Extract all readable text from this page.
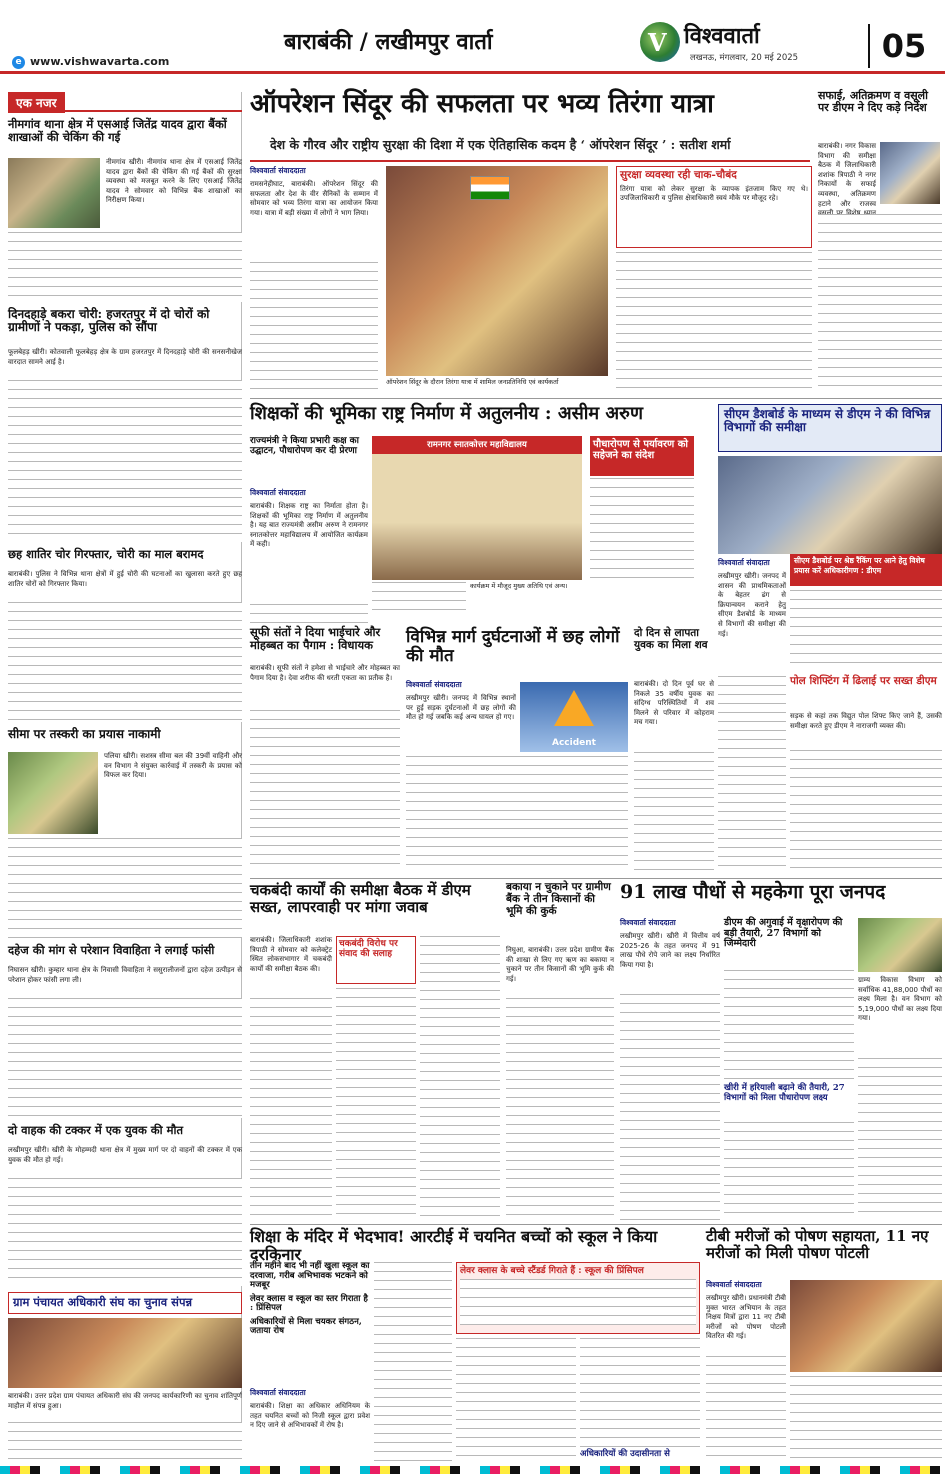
e www.vishwavarta.com
बाराबंकी / लखीमपुर वार्ता	V विश्ववार्ता
लखनऊ, मंगलवार, 20 मई 2025	05
एक नजर
नीमगांव थाना क्षेत्र में एसआई जितेंद्र यादव द्वारा बैंकों शाखाओं की चेकिंग की गई
नीमगांव खीरी। नीमगांव थाना क्षेत्र में एसआई जितेंद्र यादव द्वारा बैंकों की चेकिंग की गई बैंकों की सुरक्षा व्यवस्था को मजबूत करने के लिए एसआई जितेंद्र यादव ने सोमवार को विभिन्न बैंक शाखाओं का निरीक्षण किया।
दिनदहाड़े बकरा चोरी: हजरतपुर में दो चोरों को ग्रामीणों ने पकड़ा, पुलिस को सौंपा
फूलबेहड़ खीरी। कोतवाली फूलबेहड़ क्षेत्र के ग्राम हजरतपुर में दिनदहाड़े चोरी की सनसनीखेज वारदात सामने आई है।
छह शातिर चोर गिरफ्तार, चोरी का माल बरामद
बाराबंकी। पुलिस ने विभिन्न थाना क्षेत्रों में हुई चोरी की घटनाओं का खुलासा करते हुए छह शातिर चोरों को गिरफ्तार किया।
सीमा पर तस्करी का प्रयास नाकामी
पलिया खीरी। सशस्त्र सीमा बल की 39वीं वाहिनी और वन विभाग ने संयुक्त कार्रवाई में तस्करी के प्रयास को विफल कर दिया।
दहेज की मांग से परेशान विवाहिता ने लगाई फांसी
निघासन खीरी। कुम्हार थाना क्षेत्र के निवासी विवाहिता ने ससुरालीजनों द्वारा दहेज उत्पीड़न से परेशान होकर फांसी लगा ली।
दो वाहक की टक्कर में एक युवक की मौत
लखीमपुर खीरी। खीरी के मोहम्मदी थाना क्षेत्र में मुख्य मार्ग पर दो वाहनों की टक्कर में एक युवक की मौत हो गई।
ग्राम पंचायत अधिकारी संघ का चुनाव संपन्न
बाराबंकी। उत्तर प्रदेश ग्राम पंचायत अधिकारी संघ की जनपद कार्यकारिणी का चुनाव शांतिपूर्ण माहौल में संपन्न हुआ।
ऑपरेशन सिंदूर की सफलता पर भव्य तिरंगा यात्रा
देश के गौरव और राष्ट्रीय सुरक्षा की दिशा में एक ऐतिहासिक कदम है ‘ ऑपरेशन सिंदूर ’ : सतीश शर्मा
विश्ववार्ता संवाददाता
रामसनेहीघाट, बाराबंकी। ऑपरेशन सिंदूर की सफलता और देश के वीर सैनिकों के सम्मान में सोमवार को भव्य तिरंगा यात्रा का आयोजन किया गया। यात्रा में बड़ी संख्या में लोगों ने भाग लिया।
ऑपरेशन सिंदूर के दौरान तिरंगा यात्रा में शामिल जनप्रतिनिधि एवं कार्यकर्ता
सुरक्षा व्यवस्था रही चाक-चौबंद
तिरंगा यात्रा को लेकर सुरक्षा के व्यापक इंतजाम किए गए थे। उपजिलाधिकारी व पुलिस क्षेत्राधिकारी स्वयं मौके पर मौजूद रहे।
सफाई, अतिक्रमण व वसूली पर डीएम ने दिए कड़े निर्देश
बाराबंकी। नगर विकास विभाग की समीक्षा बैठक में जिलाधिकारी शशांक त्रिपाठी ने नगर निकायों के सफाई व्यवस्था, अतिक्रमण हटाने और राजस्व
शिक्षकों की भूमिका राष्ट्र निर्माण में अतुलनीय : असीम अरुण
राज्यमंत्री ने किया प्रभारी कक्ष का उद्घाटन, पौधारोपण कर दी प्रेरणा
रामनगर स्नातकोत्तर महाविद्यालय
कार्यक्रम में मौजूद मुख्य अतिथि एवं अन्य।
पौधारोपण से पर्यावरण को सहेजने का संदेश
विश्ववार्ता संवाददाता
बाराबंकी। शिक्षक राष्ट्र का निर्माता होता है। शिक्षकों की भूमिका राष्ट्र निर्माण में अतुलनीय है। यह बात राज्यमंत्री असीम अरुण ने रामनगर स्नातकोत्तर महाविद्यालय में आयोजित कार्यक्रम में कही।
सूफी संतों ने दिया भाईचारे और मोहब्बत का पैगाम : विधायक
बाराबंकी। सूफी संतों ने हमेशा से भाईचारे और मोहब्बत का पैगाम दिया है। देवा शरीफ की धरती एकता का प्रतीक है।
विभिन्न मार्ग दुर्घटनाओं में छह लोगों की मौत
विश्ववार्ता संवाददाता
लखीमपुर खीरी। जनपद में विभिन्न स्थानों पर हुई सड़क दुर्घटनाओं में छह लोगों की मौत हो गई जबकि कई अन्य घायल हो गए।
Accident
दो दिन से लापता युवक का मिला शव
बाराबंकी। दो दिन पूर्व घर से निकले 35 वर्षीय युवक का संदिग्ध परिस्थितियों में शव मिलने से परिवार में कोहराम मच गया।
सीएम डैशबोर्ड के माध्यम से डीएम ने की विभिन्न विभागों की समीक्षा
सीएम डैशबोर्ड पर श्रेष्ठ रैंकिंग पर आने हेतु विशेष प्रयास करें अधिकारीगण : डीएम
विश्ववार्ता संवादाता
लखीमपुर खीरी। जनपद में शासन की प्राथमिकताओं के बेहतर ढंग से क्रियान्वयन कराने हेतु सीएम डैशबोर्ड के माध्यम से विभागों की समीक्षा की गई।
पोल शिफ्टिंग में ढिलाई पर सख्त डीएम
सड़क से कहां तक विद्युत पोल शिफ्ट किए जाने हैं, उसकी समीक्षा करते हुए डीएम ने नाराजगी व्यक्त की।
चकबंदी कार्यों की समीक्षा बैठक में डीएम सख्त, लापरवाही पर मांगा जवाब
बाराबंकी। जिलाधिकारी शशांक त्रिपाठी ने सोमवार को कलेक्ट्रेट स्थित लोकसभागार में चकबंदी कार्यों की समीक्षा बैठक की।
चकबंदी विरोध पर संवाद की सलाह
बकाया न चुकाने पर ग्रामीण बैंक ने तीन किसानों की भूमि की कुर्क
निघुआ, बाराबंकी। उत्तर प्रदेश ग्रामीण बैंक की शाखा से लिए गए ऋण का बकाया न चुकाने पर तीन किसानों की भूमि कुर्क की गई।
91 लाख पौधों से महकेगा पूरा जनपद
विश्ववार्ता संवाददाता
लखीमपुर खीरी। खीरी में वित्तीय वर्ष 2025-26 के तहत जनपद में 91 लाख पौधे रोपे जाने का लक्ष्य निर्धारित किया गया है।
डीएम की अगुवाई में वृक्षारोपण की बड़ी तैयारी, 27 विभागों को जिम्मेदारी
खीरी में हरियाली बढ़ाने की तैयारी, 27 विभागों को मिला पौधारोपण लक्ष्य
ग्राम्य विकास विभाग को सर्वाधिक 41,88,000 पौधों का लक्ष्य मिला है। वन विभाग को 5,19,000 पौधों का लक्ष्य दिया गया।
शिक्षा के मंदिर में भेदभाव! आरटीई में चयनित बच्चों को स्कूल ने किया दरकिनार
तीन महीने बाद भी नहीं खुला स्कूल का दरवाजा, गरीब अभिभावक भटकने को मजबूर
लेवर क्लास व स्कूल का स्तर गिराता है : प्रिंसिपल
अधिकारियों से मिला चयकर संगठन, जताया रोष
विश्ववार्ता संवाददाता
बाराबंकी। शिक्षा का अधिकार अधिनियम के तहत चयनित बच्चों को निजी स्कूल द्वारा प्रवेश न दिए जाने से अभिभावकों में रोष है।
लेवर क्लास के बच्चे स्टैंडर्ड गिराते हैं : स्कूल की प्रिंसिपल
अधिकारियों की उदासीनता से
टीबी मरीजों को पोषण सहायता, 11 नए मरीजों को मिली पोषण पोटली
विश्ववार्ता संवाददाता
लखीमपुर खीरी। प्रधानमंत्री टीबी मुक्त भारत अभियान के तहत निक्षय मित्रों द्वारा 11 नए टीबी मरीजों को पोषण पोटली वितरित की गई।
